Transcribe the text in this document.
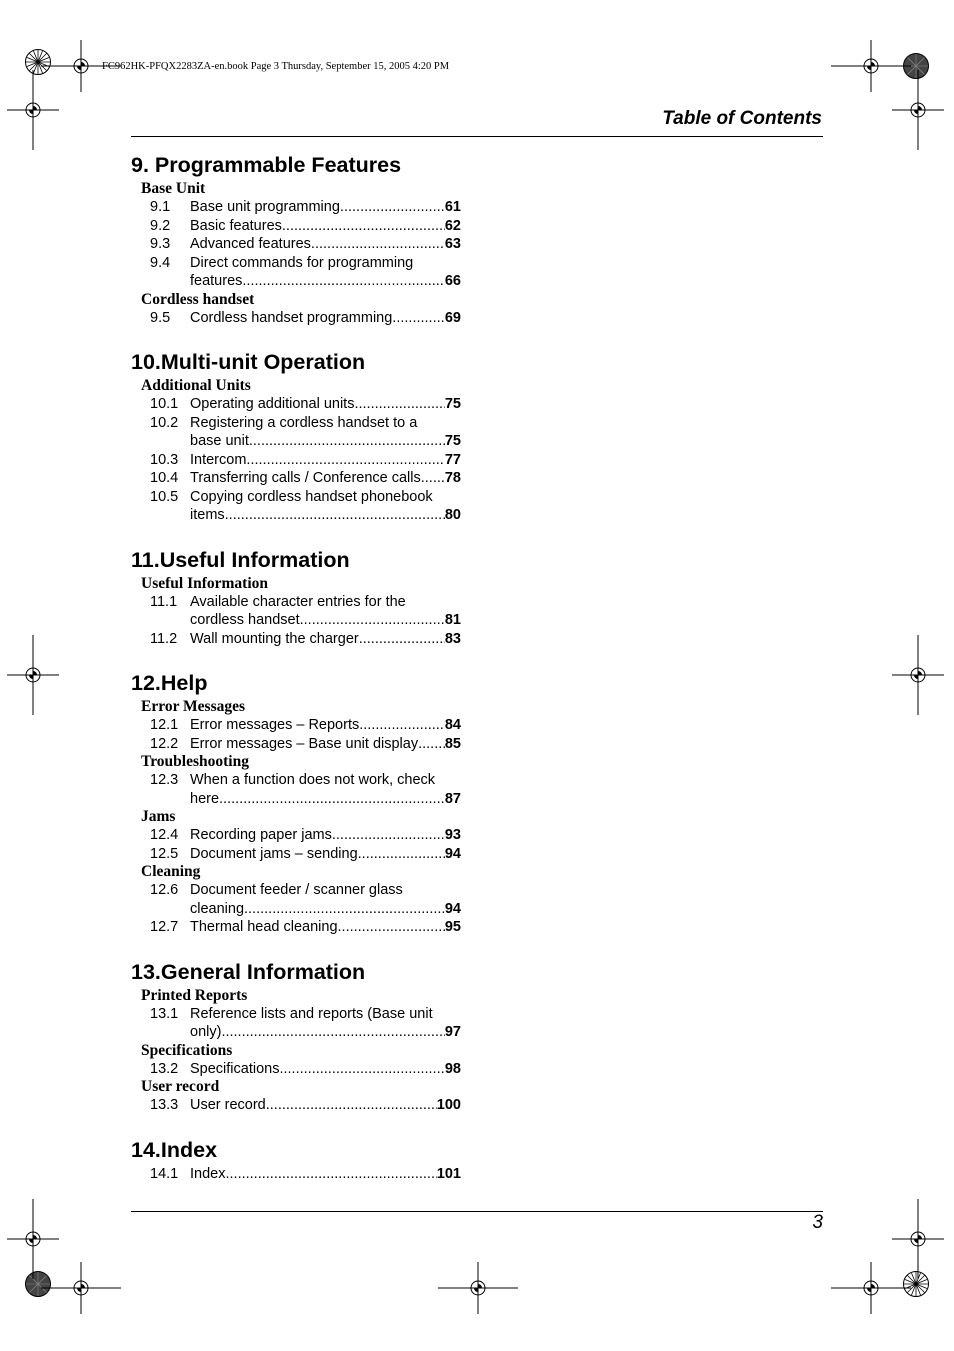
FC962HK-PFQX2283ZA-en.book Page 3 Thursday, September 15, 2005 4:20 PM
Table of Contents
9. Programmable Features
Base Unit
9.1	Base unit programming .....	61
9.2	Basic features .....	62
9.3	Advanced features .....	63
9.4	Direct commands for programming
features .....	66
Cordless handset
9.5	Cordless handset programming .....	69
10.Multi-unit Operation
Additional Units
10.1 Operating additional units .....	75
10.2 Registering a cordless handset to a
base unit .....	75
10.3 Intercom .....	77
10.4 Transferring calls / Conference calls ..... 78
10.5 Copying cordless handset phonebook
items .....	80
11.Useful Information
Useful Information
11.1 Available character entries for the
cordless handset .....	81
11.2 Wall mounting the charger .....	83
12.Help
Error Messages
12.1 Error messages – Reports .....	84
12.2 Error messages – Base unit display ..... 85
Troubleshooting
12.3 When a function does not work, check
here .....	87
Jams
12.4 Recording paper jams .....	93
12.5 Document jams – sending .....	94
Cleaning
12.6 Document feeder / scanner glass
cleaning .....	94
12.7 Thermal head cleaning .....	95
13.General Information
Printed Reports
13.1 Reference lists and reports (Base unit
only) .....	97
Specifications
13.2 Specifications .....	98
User record
13.3 User record .....	100
14.Index
14.1 Index .....	101
3
